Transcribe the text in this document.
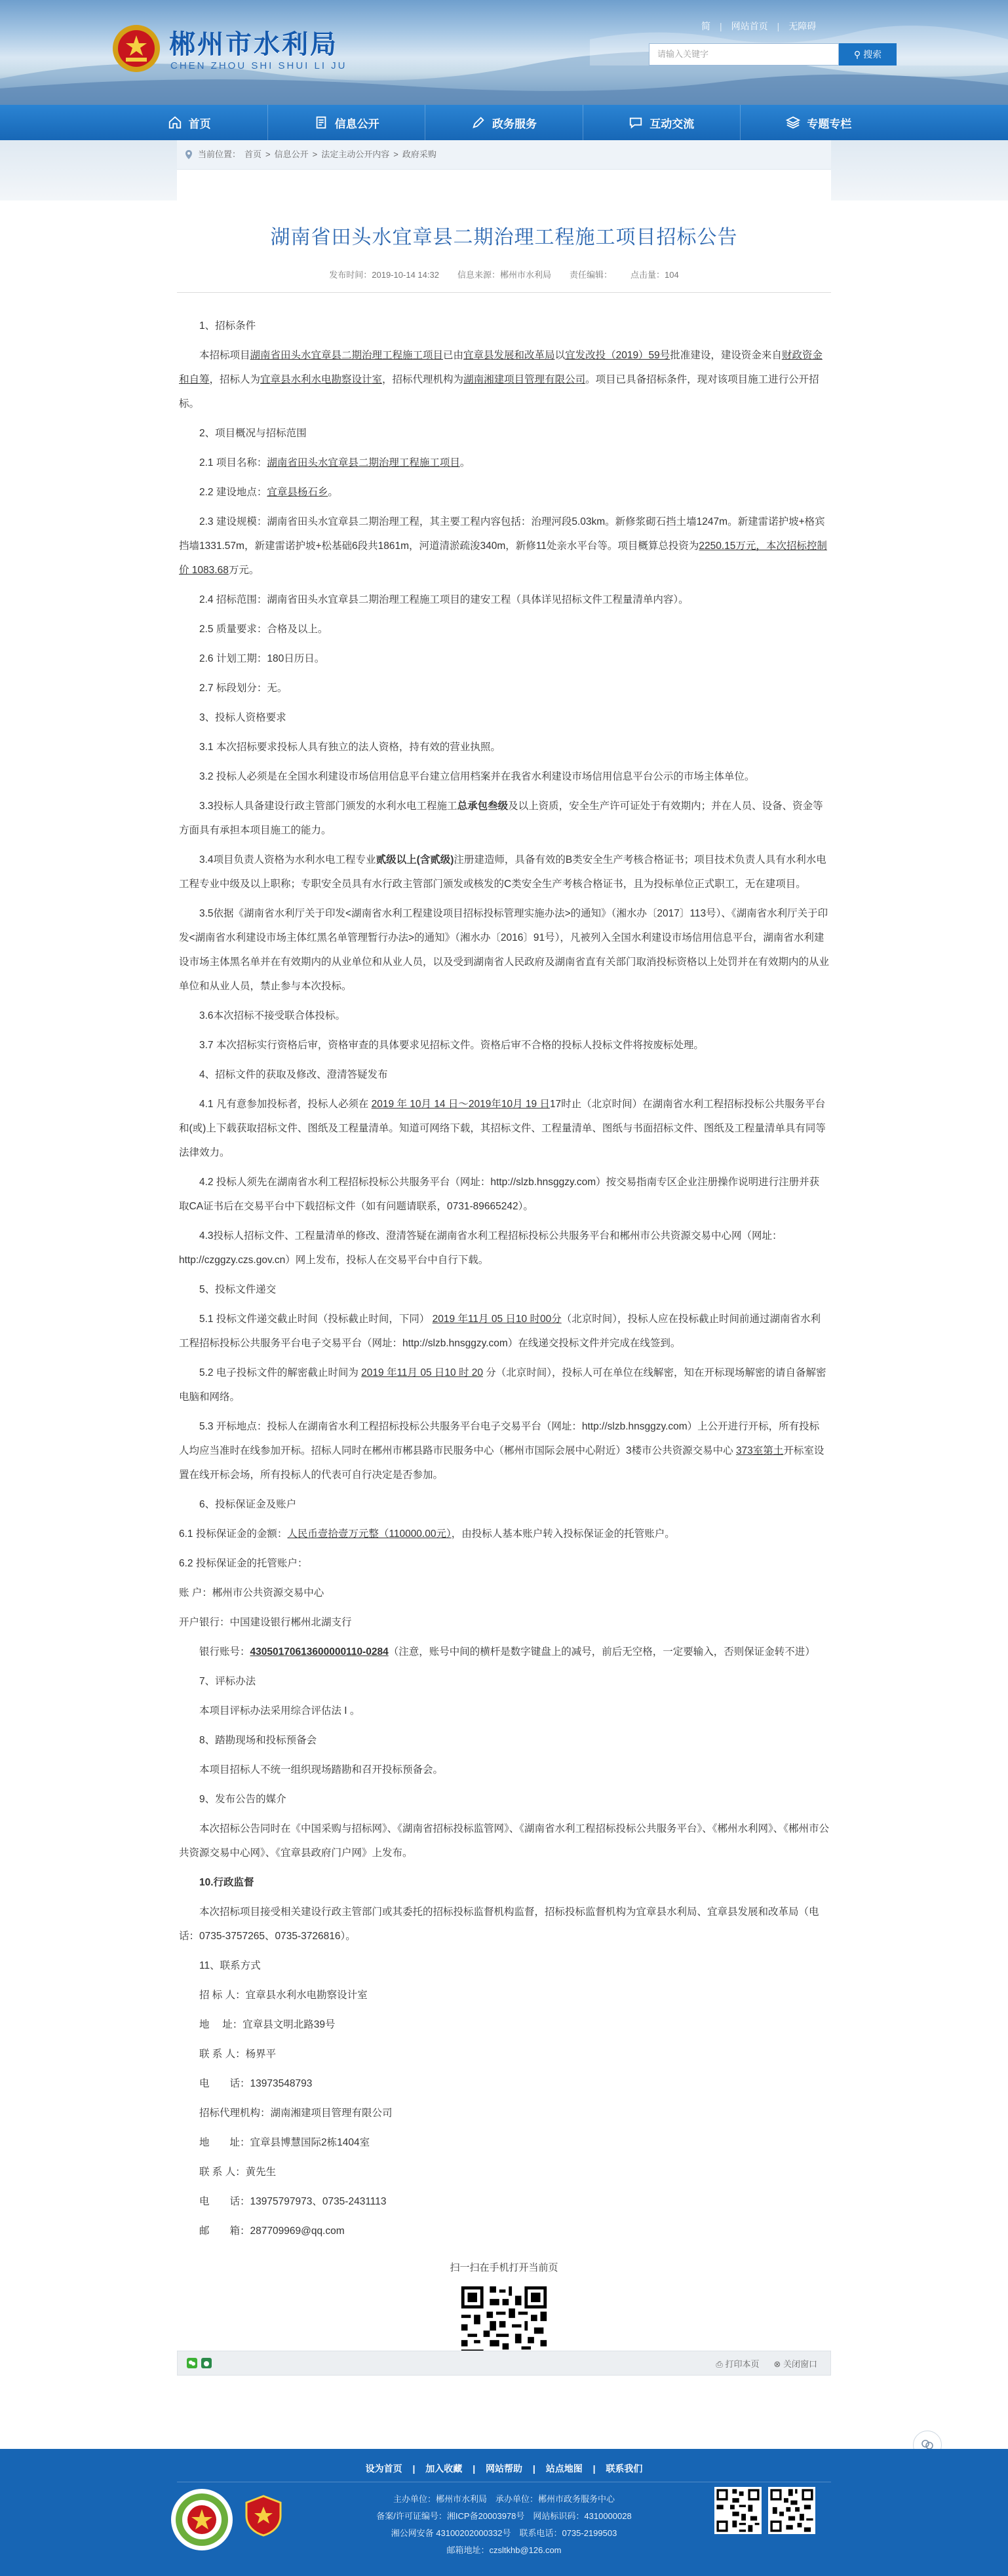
郴州市水利局
CHEN ZHOU SHI SHUI LI JU
简 | 网站首页 | 无障碍
请输入关键字	⚲ 搜索
首页	信息公开	政务服务	互动交流	专题专栏
当前位置： 首页 > 信息公开 > 法定主动公开内容 > 政府采购
湖南省田头水宜章县二期治理工程施工项目招标公告
发布时间：2019-10-14 14:32 信息来源：郴州市水利局 责任编辑： 点击量：104

1、招标条件

本招标项目湖南省田头水宜章县二期治理工程施工项目已由宜章县发展和改革局以宜发改投（2019）59号批准建设，建设资金来自财政资金和自筹，招标人为宜章县水利水电勘察设计室，招标代理机构为湖南湘建项目管理有限公司。项目已具备招标条件，现对该项目施工进行公开招标。

2、项目概况与招标范围

2.1 项目名称：湖南省田头水宜章县二期治理工程施工项目。

2.2 建设地点：宜章县杨石乡。

2.3 建设规模：湖南省田头水宜章县二期治理工程，其主要工程内容包括：治理河段5.03km。新修浆砌石挡土墙1247m。新建雷诺护坡+格宾挡墙1331.57m，新建雷诺护坡+松基础6段共1861m，河道清淤疏浚340m，新修11处亲水平台等。项目概算总投资为2250.15万元，本次招标控制价 1083.68万元。

2.4 招标范围：湖南省田头水宜章县二期治理工程施工项目的建安工程（具体详见招标文件工程量清单内容）。

2.5 质量要求：合格及以上。

2.6 计划工期：180日历日。

2.7 标段划分：无。

3、投标人资格要求

3.1 本次招标要求投标人具有独立的法人资格，持有效的营业执照。

3.2 投标人必须是在全国水利建设市场信用信息平台建立信用档案并在我省水利建设市场信用信息平台公示的市场主体单位。

3.3投标人具备建设行政主管部门颁发的水利水电工程施工总承包叁级及以上资质，安全生产许可证处于有效期内；并在人员、设备、资金等方面具有承担本项目施工的能力。

3.4项目负责人资格为水利水电工程专业贰级以上(含贰级)注册建造师，具备有效的B类安全生产考核合格证书；项目技术负责人具有水利水电工程专业中级及以上职称；专职安全员具有水行政主管部门颁发或核发的C类安全生产考核合格证书，且为投标单位正式职工，无在建项目。

3.5依据《湖南省水利厅关于印发<湖南省水利工程建设项目招标投标管理实施办法>的通知》（湘水办〔2017〕113号）、《湖南省水利厅关于印发<湖南省水利建设市场主体红黑名单管理暂行办法>的通知》（湘水办〔2016〕91号），凡被列入全国水利建设市场信用信息平台，湖南省水利建设市场主体黑名单并在有效期内的从业单位和从业人员，以及受到湖南省人民政府及湖南省直有关部门取消投标资格以上处罚并在有效期内的从业单位和从业人员，禁止参与本次投标。

3.6本次招标不接受联合体投标。

3.7 本次招标实行资格后审，资格审查的具体要求见招标文件。资格后审不合格的投标人投标文件将按废标处理。

4、招标文件的获取及修改、澄清答疑发布

4.1 凡有意参加投标者，投标人必须在 2019 年 10月 14 日～2019年10月 19 日17时止（北京时间）在湖南省水利工程招标投标公共服务平台和(或)上下载获取招标文件、图纸及工程量清单。知道可网络下载，其招标文件、工程量清单、图纸与书面招标文件、图纸及工程量清单具有同等法律效力。

4.2 投标人须先在湖南省水利工程招标投标公共服务平台（网址：http://slzb.hnsggzy.com）按交易指南专区企业注册操作说明进行注册并获取CA证书后在交易平台中下载招标文件（如有问题请联系，0731-89665242）。

4.3投标人招标文件、工程量清单的修改、澄清答疑在湖南省水利工程招标投标公共服务平台和郴州市公共资源交易中心网（网址：http://czggzy.czs.gov.cn）网上发布，投标人在交易平台中自行下载。

5、投标文件递交

5.1 投标文件递交截止时间（投标截止时间，下同） 2019 年11月 05 日10 时00分（北京时间），投标人应在投标截止时间前通过湖南省水利工程招标投标公共服务平台电子交易平台（网址：http://slzb.hnsggzy.com）在线递交投标文件并完成在线签到。

5.2 电子投标文件的解密截止时间为 2019 年11月 05 日10 时 20 分（北京时间），投标人可在单位在线解密，知在开标现场解密的请自备解密电脑和网络。

5.3 开标地点：投标人在湖南省水利工程招标投标公共服务平台电子交易平台（网址：http://slzb.hnsggzy.com）上公开进行开标，所有投标人均应当准时在线参加开标。招标人同时在郴州市郴县路市民服务中心（郴州市国际会展中心附近）3楼市公共资源交易中心 373室第土开标室设置在线开标会场，所有投标人的代表可自行决定是否参加。

6、投标保证金及账户

6.1 投标保证金的金额：人民币壹拾壹万元整（110000.00元），由投标人基本账户转入投标保证金的托管账户。

6.2 投标保证金的托管账户：

账 户：郴州市公共资源交易中心

开户银行：中国建设银行郴州北湖支行

银行账号：43050170613600000110-0284（注意，账号中间的横杆是数字键盘上的减号，前后无空格，一定要输入，否则保证金转不进）

7、评标办法

本项目评标办法采用综合评估法 I 。

8、踏勘现场和投标预备会

本项目招标人不统一组织现场踏勘和召开投标预备会。

9、发布公告的媒介

本次招标公告同时在《中国采购与招标网》、《湖南省招标投标监管网》、《湖南省水利工程招标投标公共服务平台》、《郴州水利网》、《郴州市公共资源交易中心网》、《宜章县政府门户网》上发布。

10.行政监督

本次招标项目接受相关建设行政主管部门或其委托的招标投标监督机构监督，招标投标监督机构为宜章县水利局、宜章县发展和改革局（电话：0735-3757265、0735-3726816）。

11、联系方式

招 标 人：宜章县水利水电勘察设计室

地　 址：宜章县文明北路39号

联 系 人：杨界平

电　　话：13973548793

招标代理机构：湖南湘建项目管理有限公司

地　　址：宜章县博慧国际2栋1404室

联 系 人：黄先生

电　　话：13975797973、0735-2431113

邮　　箱：287709969@qq.com

扫一扫在手机打开当前页
⎙ 打印本页 ⊗ 关闭窗口
设为首页 | 加入收藏 | 网站帮助 | 站点地图 | 联系我们
主办单位：郴州市水利局　承办单位：郴州市政务服务中心
备案/许可证编号：湘ICP备20003978号　网站标识码：4310000028
湘公网安备 43100202000332号　联系电话：0735-2199503
邮箱地址：czsltkhb@126.com
